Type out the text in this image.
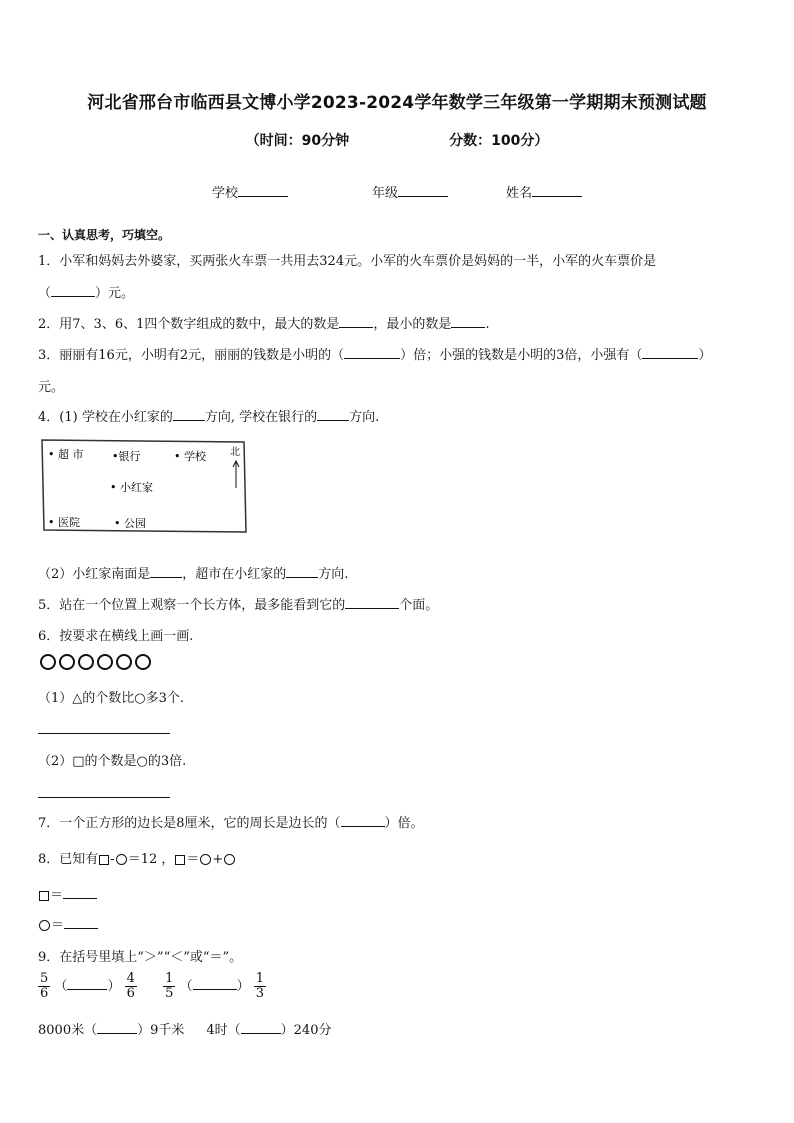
河北省邢台市临西县文博小学2023-2024学年数学三年级第一学期期末预测试题
（时间：90分钟	分数：100分）
学校	年级	姓名
一、认真思考，巧填空。
1．小军和妈妈去外婆家，买两张火车票一共用去324元。小军的火车票价是妈妈的一半，小军的火车票价是
（	）元。
2．用7、3、6、1四个数字组成的数中，最大的数是	，最小的数是	.
3．丽丽有16元，小明有2元，丽丽的钱数是小明的（	）倍；小强的钱数是小明的3倍，小强有（	）
元。
4．(1) 学校在小红家的 方向, 学校在银行的 方向.
• 超 市	•银行	• 学校 北
• 小红家
• 医院	• 公园
（2）小红家南面是 ，超市在小红家的 方向.
5．站在一个位置上观察一个长方体，最多能看到它的	个面。
6．按要求在横线上画一画.
（1）△的个数比○多3个.
（2）□的个数是○的3倍.
7．一个正方形的边长是8厘米，它的周长是边长的（	）倍。
8．已知有 - ＝12 ， ＝ +
＝
＝
9．在括号里填上“＞”“＜”或“＝”。
$\frac{5}{6}$ （	） $\frac{4}{6}$
$\frac{1}{5}$ （	） $\frac{1}{3}$
8000米（	）9千米 4时（	）240分
